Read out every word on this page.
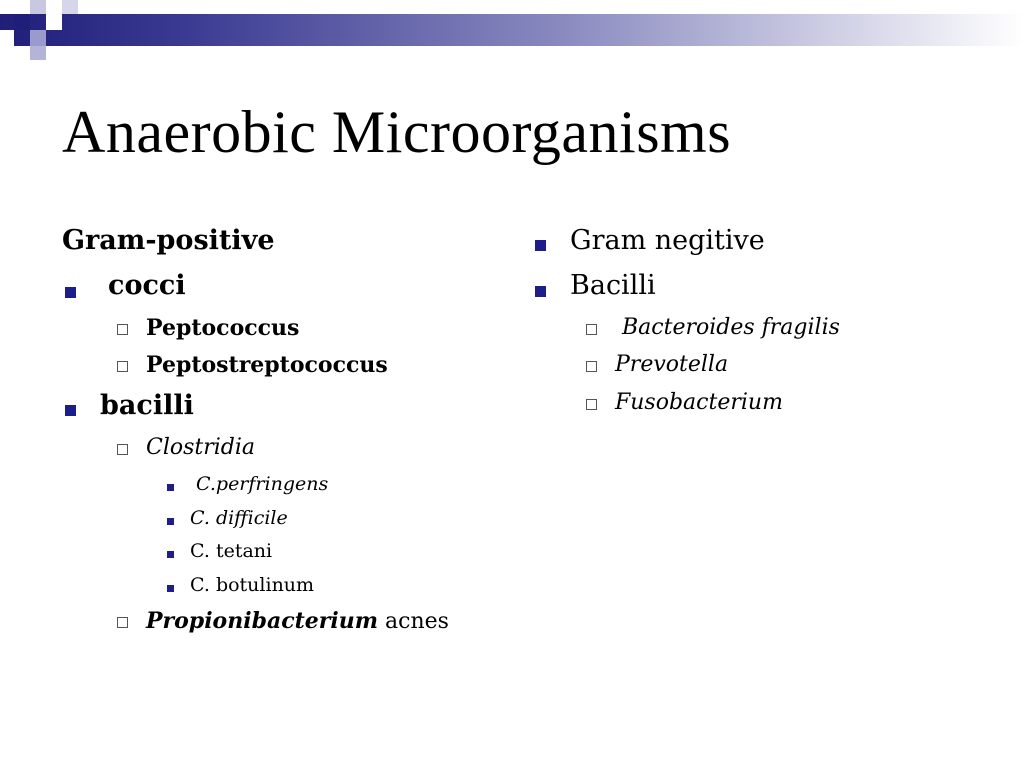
Anaerobic Microorganisms
Gram-positive
cocci
Peptococcus
Peptostreptococcus
bacilli
Clostridia
C.perfringens
C. difficile
C. tetani
C. botulinum
Propionibacterium acnes
Gram negitive
Bacilli
Bacteroides fragilis
Prevotella
Fusobacterium
